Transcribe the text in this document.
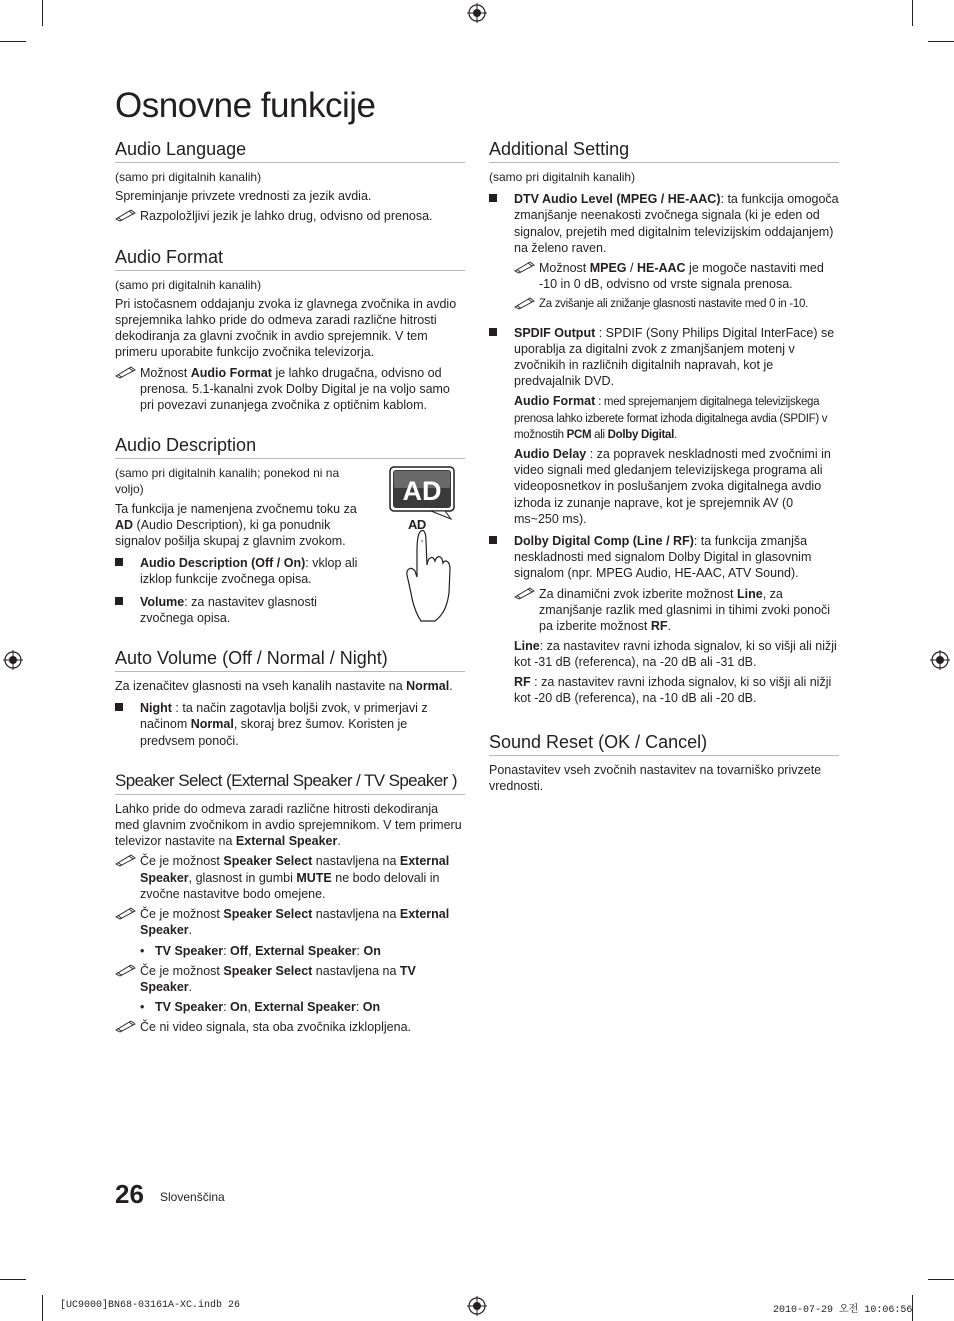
Osnovne funkcije
Audio Language

(samo pri digitalnih kanalih)

Spreminjanje privzete vrednosti za jezik avdia.

Razpoložljivi jezik je lahko drug, odvisno od prenosa.
Audio Format

(samo pri digitalnih kanalih)

Pri istočasnem oddajanju zvoka iz glavnega zvočnika in avdio sprejemnika lahko pride do odmeva zaradi različne hitrosti dekodiranja za glavni zvočnik in avdio sprejemnik. V tem primeru uporabite funkcijo zvočnika televizorja.

Možnost Audio Format je lahko drugačna, odvisno od prenosa. 5.1-kanalni zvok Dolby Digital je na voljo samo pri povezavi zunanjega zvočnika z optičnim kablom.
Audio Description

(samo pri digitalnih kanalih; ponekod ni na voljo)

Ta funkcija je namenjena zvočnemu toku za AD (Audio Description), ki ga ponudnik signalov pošilja skupaj z glavnim zvokom.

Audio Description (Off / On): vklop ali izklop funkcije zvočnega opisa.
Volume: za nastavitev glasnosti zvočnega opisa.
AD
AD
Auto Volume (Off / Normal / Night)

Za izenačitev glasnosti na vseh kanalih nastavite na Normal.

Night : ta način zagotavlja boljši zvok, v primerjavi z načinom Normal, skoraj brez šumov. Koristen je predvsem ponoči.
Speaker Select (External Speaker / TV Speaker )

Lahko pride do odmeva zaradi različne hitrosti dekodiranja med glavnim zvočnikom in avdio sprejemnikom. V tem primeru televizor nastavite na External Speaker.

Če je možnost Speaker Select nastavljena na External Speaker, glasnost in gumbi MUTE ne bodo delovali in zvočne nastavitve bodo omejene.
Če je možnost Speaker Select nastavljena na External Speaker.
• TV Speaker: Off, External Speaker: On
Če je možnost Speaker Select nastavljena na TV Speaker.
• TV Speaker: On, External Speaker: On
Če ni video signala, sta oba zvočnika izklopljena.
Additional Setting

(samo pri digitalnih kanalih)

DTV Audio Level (MPEG / HE-AAC): ta funkcija omogoča zmanjšanje neenakosti zvočnega signala (ki je eden od signalov, prejetih med digitalnim televizijskim oddajanjem) na želeno raven.
Možnost MPEG / HE-AAC je mogoče nastaviti med -10 in 0 dB, odvisno od vrste signala prenosa.
Za zvišanje ali znižanje glasnosti nastavite med 0 in -10.
SPDIF Output : SPDIF (Sony Philips Digital InterFace) se uporablja za digitalni zvok z zmanjšanjem motenj v zvočnikih in različnih digitalnih napravah, kot je predvajalnik DVD.
Audio Format : med sprejemanjem digitalnega televizijskega prenosa lahko izberete format izhoda digitalnega avdia (SPDIF) v možnostih PCM ali Dolby Digital.
Audio Delay : za popravek neskladnosti med zvočnimi in video signali med gledanjem televizijskega programa ali videoposnetkov in poslušanjem zvoka digitalnega avdio izhoda iz zunanje naprave, kot je sprejemnik AV (0 ms~250 ms).
Dolby Digital Comp (Line / RF): ta funkcija zmanjša neskladnosti med signalom Dolby Digital in glasovnim signalom (npr. MPEG Audio, HE-AAC, ATV Sound).
Za dinamični zvok izberite možnost Line, za zmanjšanje razlik med glasnimi in tihimi zvoki ponoči pa izberite možnost RF.
Line: za nastavitev ravni izhoda signalov, ki so višji ali nižji kot -31 dB (referenca), na -20 dB ali -31 dB.
RF : za nastavitev ravni izhoda signalov, ki so višji ali nižji kot -20 dB (referenca), na -10 dB ali -20 dB.
Sound Reset (OK / Cancel)

Ponastavitev vseh zvočnih nastavitev na tovarniško privzete vrednosti.

26 Slovenščina
[UC9000]BN68-03161A-XC.indb 26	2010-07-29 오전 10:06:56
